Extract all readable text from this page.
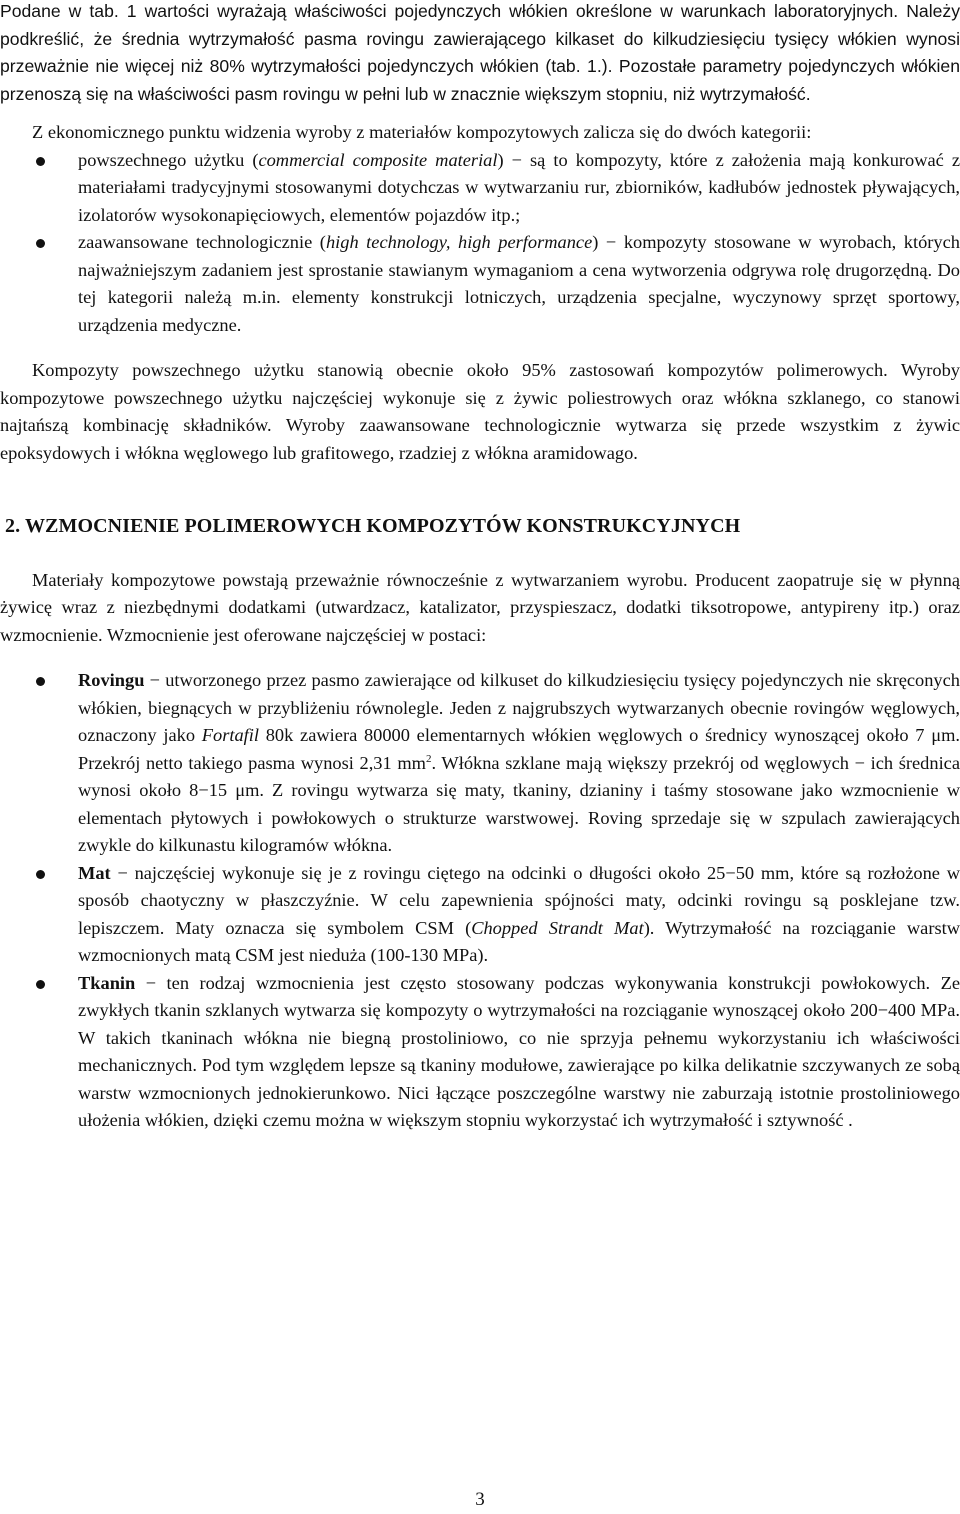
Podane w tab. 1 wartości wyrażają właściwości pojedynczych włókien określone w warunkach laboratoryjnych. Należy podkreślić, że średnia wytrzymałość pasma rovingu zawierającego kilkaset do kilkudziesięciu tysięcy włókien wynosi przeważnie nie więcej niż 80% wytrzymałości pojedynczych włókien (tab. 1.). Pozostałe parametry pojedynczych włókien przenoszą się na właściwości pasm rovingu w pełni lub w znacznie większym stopniu, niż wytrzymałość.

Z ekonomicznego punktu widzenia wyroby z materiałów kompozytowych zalicza się do dwóch kategorii:

powszechnego użytku (commercial composite material) − są to kompozyty, które z założenia mają konkurować z materiałami tradycyjnymi stosowanymi dotychczas w wytwarzaniu rur, zbiorników, kadłubów jednostek pływających, izolatorów wysokonapięciowych, elementów pojazdów itp.;
zaawansowane technologicznie (high technology, high performance) − kompozyty stosowane w wyrobach, których najważniejszym zadaniem jest sprostanie stawianym wymaganiom a cena wytworzenia odgrywa rolę drugorzędną. Do tej kategorii należą m.in. elementy konstrukcji lotniczych, urządzenia specjalne, wyczynowy sprzęt sportowy, urządzenia medyczne.

Kompozyty powszechnego użytku stanowią obecnie około 95% zastosowań kompozytów polimerowych. Wyroby kompozytowe powszechnego użytku najczęściej wykonuje się z żywic poliestrowych oraz włókna szklanego, co stanowi najtańszą kombinację składników. Wyroby zaawansowane technologicznie wytwarza się przede wszystkim z żywic epoksydowych i włókna węglowego lub grafitowego, rzadziej z włókna aramidowago.

2. WZMOCNIENIE POLIMEROWYCH KOMPOZYTÓW KONSTRUKCYJNYCH

Materiały kompozytowe powstają przeważnie równocześnie z wytwarzaniem wyrobu. Producent zaopatruje się w płynną żywicę wraz z niezbędnymi dodatkami (utwardzacz, katalizator, przyspieszacz, dodatki tiksotropowe, antypireny itp.) oraz wzmocnienie. Wzmocnienie jest oferowane najczęściej w postaci:

Rovingu − utworzonego przez pasmo zawierające od kilkuset do kilkudziesięciu tysięcy pojedynczych nie skręconych włókien, biegnących w przybliżeniu równolegle. Jeden z najgrubszych wytwarzanych obecnie rovingów węglowych, oznaczony jako Fortafil 80k zawiera 80000 elementarnych włókien węglowych o średnicy wynoszącej około 7 μm. Przekrój netto takiego pasma wynosi 2,31 $mm^2$. Włókna szklane mają większy przekrój od węglowych − ich średnica wynosi około 8−15 μm. Z rovingu wytwarza się maty, tkaniny, dzianiny i taśmy stosowane jako wzmocnienie w elementach płytowych i powłokowych o strukturze warstwowej. Roving sprzedaje się w szpulach zawierających zwykle do kilkunastu kilogramów włókna.
Mat − najczęściej wykonuje się je z rovingu ciętego na odcinki o długości około 25−50 mm, które są rozłożone w sposób chaotyczny w płaszczyźnie. W celu zapewnienia spójności maty, odcinki rovingu są posklejane tzw. lepiszczem. Maty oznacza się symbolem CSM (Chopped Strandt Mat). Wytrzymałość na rozciąganie warstw wzmocnionych matą CSM jest nieduża (100-130 MPa).
Tkanin − ten rodzaj wzmocnienia jest często stosowany podczas wykonywania konstrukcji powłokowych. Ze zwykłych tkanin szklanych wytwarza się kompozyty o wytrzymałości na rozciąganie wynoszącej około 200−400 MPa. W takich tkaninach włókna nie biegną prostoliniowo, co nie sprzyja pełnemu wykorzystaniu ich właściwości mechanicznych. Pod tym względem lepsze są tkaniny modułowe, zawierające po kilka delikatnie szczywanych ze sobą warstw wzmocnionych jednokierunkowo. Nici łączące poszczególne warstwy nie zaburzają istotnie prostoliniowego ułożenia włókien, dzięki czemu można w większym stopniu wykorzystać ich wytrzymałość i sztywność .
3
